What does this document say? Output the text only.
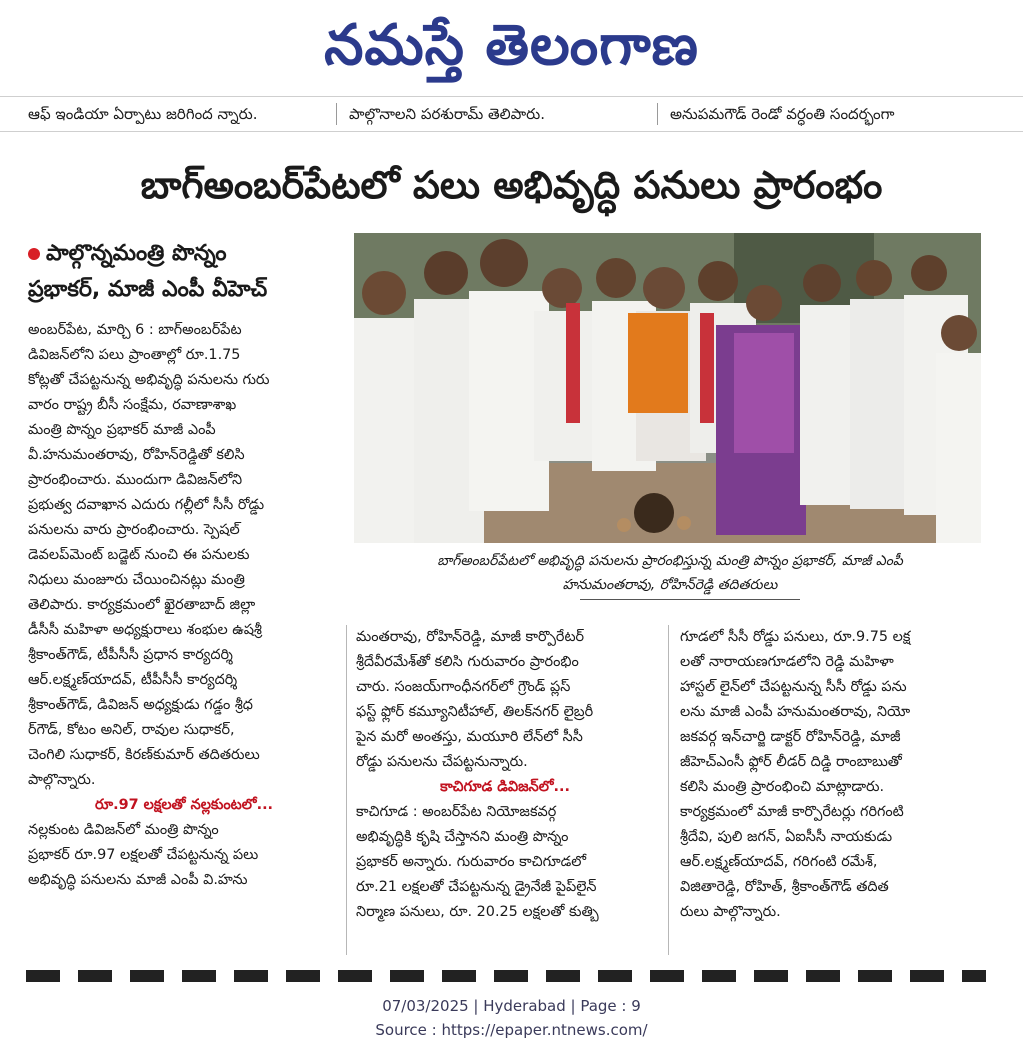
నమస్తే తెలంగాణ
ఆఫ్ ఇండియా ఏర్పాటు జరిగింద న్నారు.	పాల్గొనాలని పరశురామ్ తెలిపారు.	అనుపమగౌడ్ రెండో వర్ధంతి సందర్భంగా
బాగ్అంబర్‌పేటలో పలు అభివృద్ధి పనులు ప్రారంభం
పాల్గొన్నమంత్రి పొన్నం
ప్రభాకర్, మాజీ ఎంపీ వీహెచ్
బాగ్అంబర్‌పేటలో అభివృద్ధి పనులను ప్రారంభిస్తున్న మంత్రి పొన్నం ప్రభాకర్, మాజీ ఎంపీ
హనుమంతరావు, రోహిన్‌రెడ్డి తదితరులు

అంబర్‌పేట, మార్చి 6 : బాగ్అంబర్‌పేట

డివిజన్‌లోని పలు ప్రాంతాల్లో రూ.1.75

కోట్లతో చేపట్టనున్న అభివృద్ధి పనులను గురు

వారం రాష్ట్ర బీసీ సంక్షేమ, రవాణాశాఖ

మంత్రి పొన్నం ప్రభాకర్ మాజీ ఎంపీ

వీ.హనుమంతరావు, రోహిన్‌రెడ్డితో కలిసి

ప్రారంభించారు. ముందుగా డివిజన్‌లోని

ప్రభుత్వ దవాఖాన ఎదురు గల్లీలో సీసీ రోడ్డు

పనులను వారు ప్రారంభించారు. స్పెషల్

డెవలప్‌మెంట్ బడ్జెట్ నుంచి ఈ పనులకు

నిధులు మంజూరు చేయించినట్లు మంత్రి

తెలిపారు. కార్యక్రమంలో ఖైరతాబాద్ జిల్లా

డీసీసీ మహిళా అధ్యక్షురాలు శంభుల ఉషశ్రీ

శ్రీకాంత్‌గౌడ్, టీపీసీసీ ప్రధాన కార్యదర్శి

ఆర్.లక్ష్మణ్‌యాదవ్, టీపీసీసీ కార్యదర్శి

శ్రీకాంత్‌గౌడ్, డివిజన్ అధ్యక్షుడు గడ్డం శ్రీధ

ర్‌గౌడ్, కోటం అనిల్, రావుల సుధాకర్,

చెంగిలి సుధాకర్, కిరణ్‌కుమార్ తదితరులు

పాల్గొన్నారు.

రూ.97 లక్షలతో నల్లకుంటలో...

నల్లకుంట డివిజన్‌లో మంత్రి పొన్నం

ప్రభాకర్ రూ.97 లక్షలతో చేపట్టనున్న పలు

అభివృద్ధి పనులను మాజీ ఎంపీ వి.హను

మంతరావు, రోహిన్‌రెడ్డి, మాజీ కార్పొరేటర్

శ్రీదేవీరమేశ్‌తో కలిసి గురువారం ప్రారంభిం

చారు. సంజయ్‌గాంధీనగర్‌లో గ్రౌండ్ ప్లస్

ఫస్ట్ ఫ్లోర్ కమ్యూనిటీహాల్, తిలక్‌నగర్ లైబ్రరీ

పైన మరో అంతస్తు, మయూరి లేన్‌లో సీసీ

రోడ్డు పనులను చేపట్టనున్నారు.

కాచిగూడ డివిజన్‌లో...

కాచిగూడ : అంబర్‌పేట నియోజకవర్గ

అభివృద్ధికి కృషి చేస్తానని మంత్రి పొన్నం

ప్రభాకర్ అన్నారు. గురువారం కాచిగూడలో

రూ.21 లక్షలతో చేపట్టనున్న డ్రైనేజీ పైప్‌లైన్

నిర్మాణ పనులు, రూ. 20.25 లక్షలతో కుత్బి

గూడలో సీసీ రోడ్డు పనులు, రూ.9.75 లక్ష

లతో నారాయణగూడలోని రెడ్డి మహిళా

హాస్టల్ లైన్‌లో చేపట్టనున్న సీసీ రోడ్డు పను

లను మాజీ ఎంపీ హనుమంతరావు, నియో

జకవర్గ ఇన్‌చార్జి డాక్టర్ రోహిన్‌రెడ్డి, మాజీ

జీహెచ్‌ఎంసీ ఫ్లోర్ లీడర్ దిడ్డి రాంబాబుతో

కలిసి మంత్రి ప్రారంభించి మాట్లాడారు.

కార్యక్రమంలో మాజీ కార్పొరేటర్లు గరిగంటి

శ్రీదేవి, పులి జగన్, ఏఐసీసీ నాయకుడు

ఆర్.లక్ష్మణ్‌యాదవ్, గరిగంటి రమేశ్,

విజితారెడ్డి, రోహిత్, శ్రీకాంత్‌గౌడ్ తదిత

రులు పాల్గొన్నారు.

07/03/2025 | Hyderabad | Page : 9
Source : https://epaper.ntnews.com/
